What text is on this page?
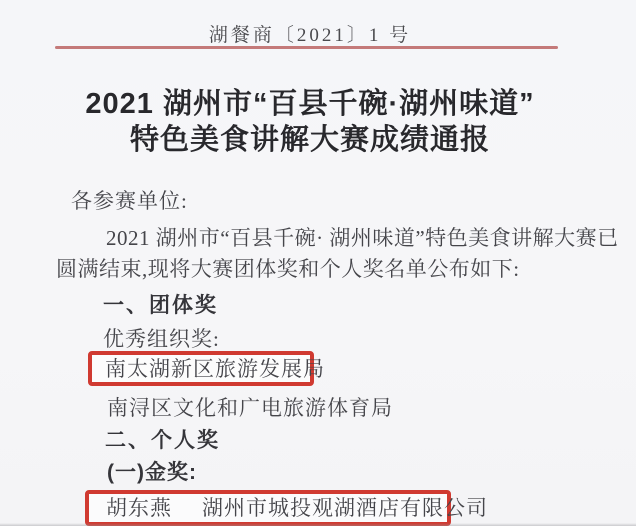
湖餐商〔2021〕1 号
2021 湖州市“百县千碗·湖州味道”
特色美食讲解大赛成绩通报
各参赛单位:
2021 湖州市“百县千碗· 湖州味道”特色美食讲解大赛已
圆满结束,现将大赛团体奖和个人奖名单公布如下:
一、团体奖
优秀组织奖:
南太湖新区旅游发展局
南浔区文化和广电旅游体育局
二、个人奖
(一)金奖:
胡东燕 湖州市城投观湖酒店有限公司
